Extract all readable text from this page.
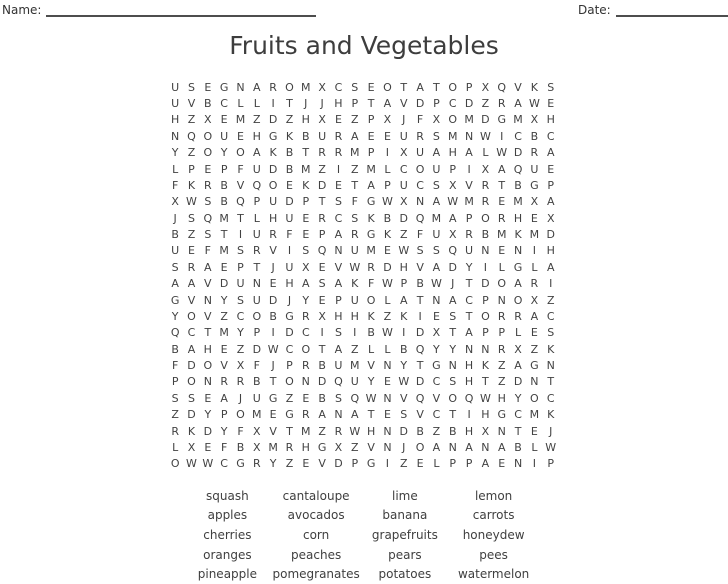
Name:	Date:
Fruits and Vegetables
U S E G N A R O M X C S E O T A T O P X Q V K S
U V B C L L	I	T	J	J H P T A V D P C D Z R A W E
H Z X E M Z D Z H X E Z P X J	F X O M D G M X H
N Q O U E H G K B U R A E E U R S M N W I C B C
Y Z O Y O A K B T R R M P	I X U A H A L W D R A
L P E P F U D B M Z I Z M L C O U P	I X A Q U E
F K R B V Q O E K D E T A P U C S X V R T B G P
X W S B Q P U D P T S F G W X N A W M R E M X A
J	S Q M T L H U E R C S K B D Q M A P O R H E X
B Z S T	I U R F E P A R G K Z F U X R B M K M D
U E F M S R V I	S Q N U M E W S S Q U N E N I H
S R A E P T	J U X E V W R D H V A D Y	I	L G L A
A A V D U N E H A S A K F W P B W J	T D O A R I
G V N Y S U D J	Y E P U O L A T N A C P N O X Z
Y O V Z C O B G R X H H K Z K	I	E S T O R R A C
Q C T M Y P	I D C I	S	I B W I D X T A P P L E S
B A H E Z D W C O T A Z L L B Q Y Y N N R X Z K
F D O V X F	J	P R B U M V N Y T G N H K Z A G N
P O N R R B T O N D Q U Y E W D C S H T Z D N T
S S E A J U G Z E B S Q W N V Q V O Q W H Y O C
Z D Y P O M E G R A N A T E S V C T	I H G C M K
R K D Y F X V T M Z R W H N D B Z B H X N T E	J
L X E F B X M R H G X Z V N J O A N A N A B L W
O W W C G R Y Z E V D P G I Z E L P P A E N I	P
squash	cantaloupe	lime	lemon
apples	avocados	banana	carrots
cherries	corn	grapefruits	honeydew
oranges	peaches	pears	pees
pineapple	pomegranates	potatoes	watermelon
